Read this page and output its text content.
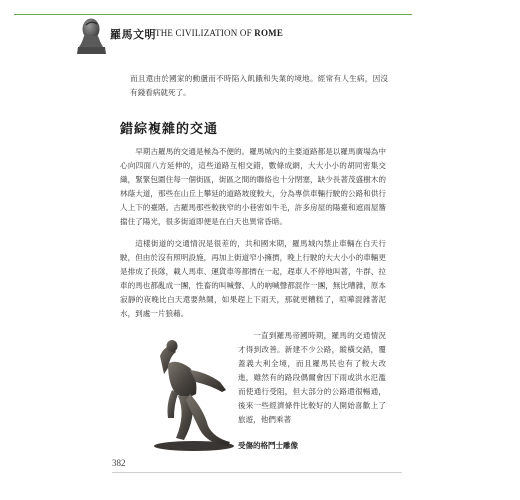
羅馬文明 THE CIVILIZATION OF ROME
而且還由於國家的動盪而不時陷入飢餓和失業的境地。經常有人生病，因沒有錢看病就死了。
錯綜複雜的交通
早期古羅馬的交通是極為不便的。羅馬城內的主要道路都是以羅馬廣場為中心向四面八方延伸的，這些道路互相交錯，數條成網，大大小小的胡同密集交織，緊緊包圍住每一個街區，街區之間的聯絡也十分閉塞，缺少長著茂盛樹木的林蔭大道，那些在山丘上攀延的道路坡度較大，分為專供車輛行駛的公路和供行人上下的臺階。古羅馬那些較狹窄的小巷密如牛毛，許多房屋的陽臺和遮雨屋簷擋住了陽光，很多街道即便是在白天也異常昏暗。
這樣街道的交通情況是很差的，共和國末期，羅馬城內禁止車輛在白天行駛，但由於沒有照明設施，再加上街道窄小擁擠，晚上行駛的大大小小的車輛更是排成了長隊，載人馬車、運貨車等都擠在一起，趕車人不停地叫著，牛群、拉車的馬也都亂成一團，性畜的叫喊聲、人的吶喊聲都混作一團，無比嘈雜，原本寂靜的夜晚比白天還要熱鬧，如果趕上下雨天，那就更糟糕了，喧嘩混雜著泥水，到處一片狼藉。
一直到羅馬帝國時期，羅馬的交通情況才得到改善。新建不少公路，縱橫交錯，覆蓋義大利全境，而且羅馬民也有了較大改進，雖然有的路段偶爾會因下雨或洪水氾濫而使通行受阻，但大部分的公路還很暢通，後來一些經濟條件比較好的人開始喜歡上了旅遊，他們乘著
受傷的格鬥士雕像
382
